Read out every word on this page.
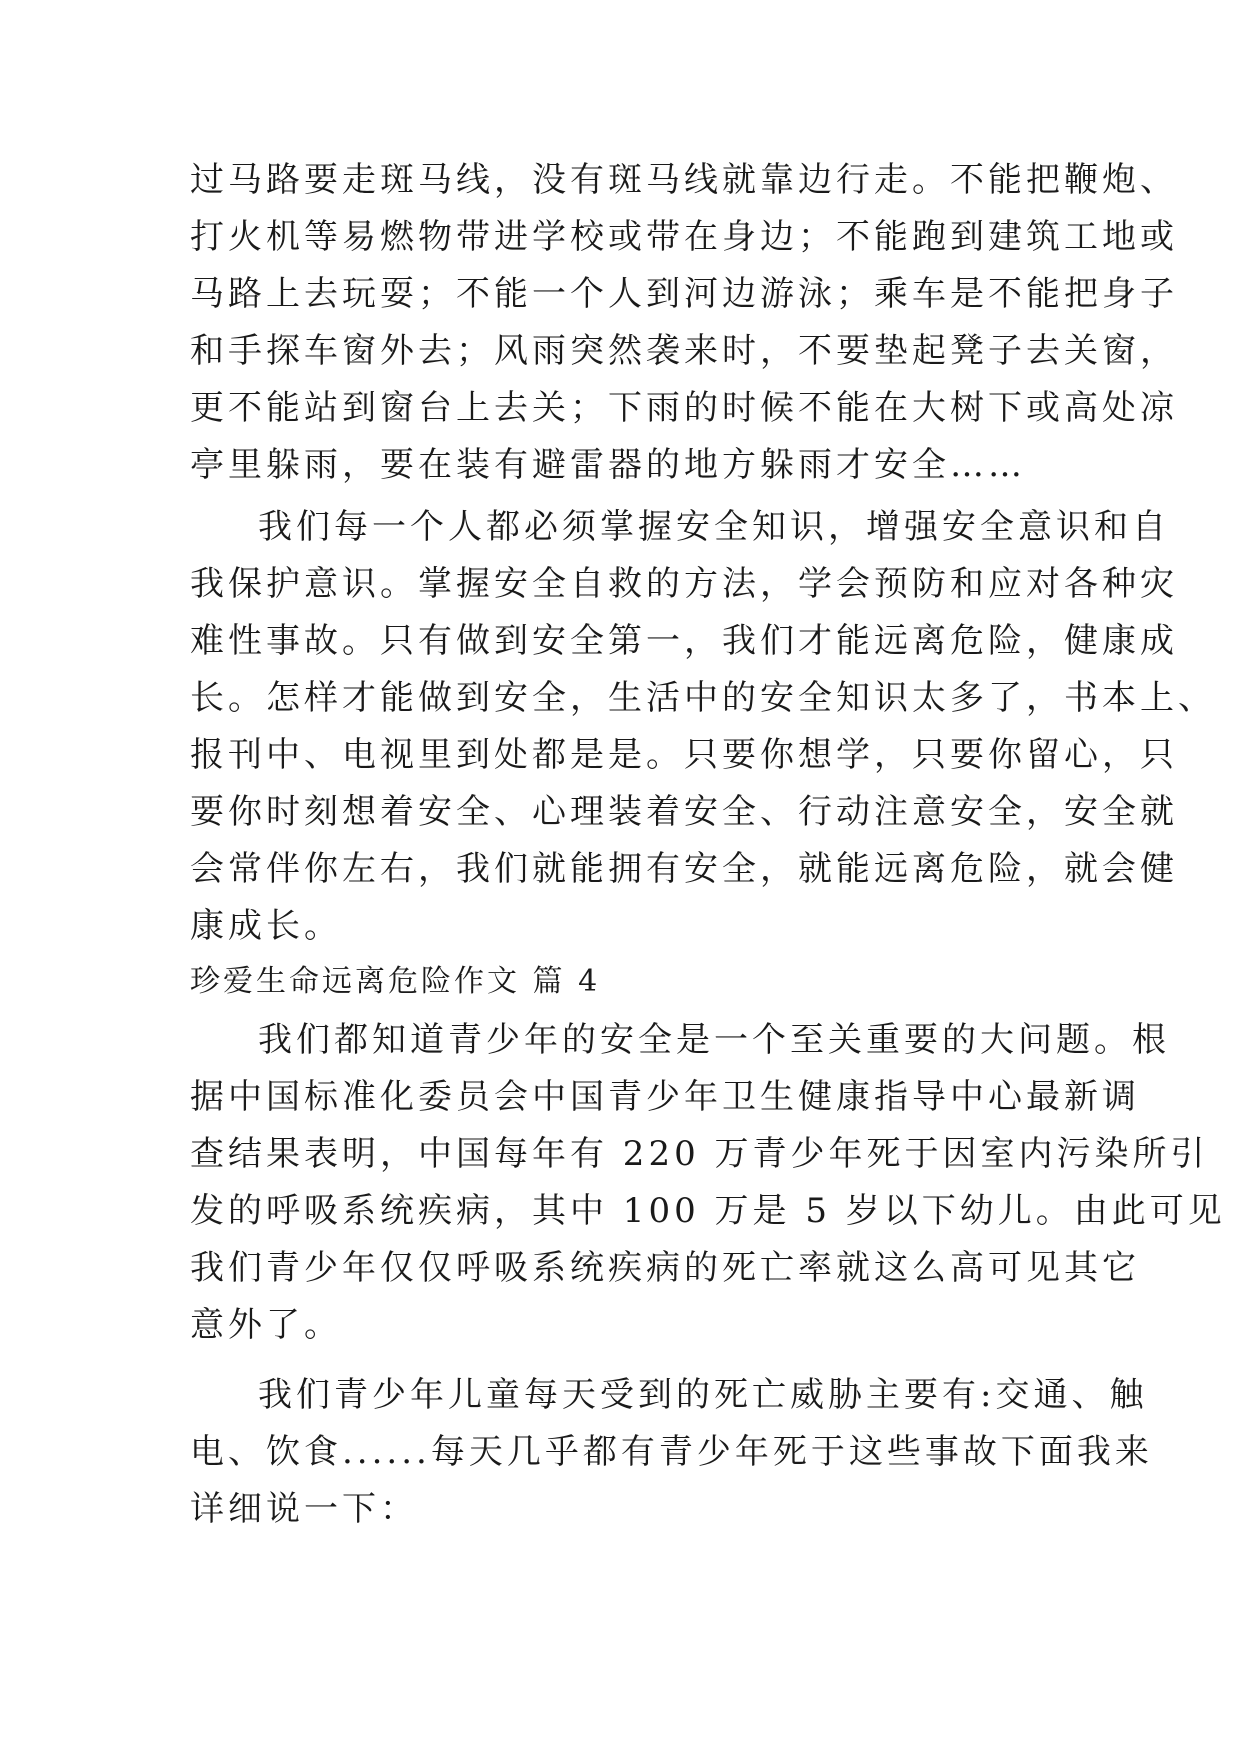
过马路要走斑马线，没有斑马线就靠边行走。不能把鞭炮、
打火机等易燃物带进学校或带在身边；不能跑到建筑工地或
马路上去玩耍；不能一个人到河边游泳；乘车是不能把身子
和手探车窗外去；风雨突然袭来时，不要垫起凳子去关窗，
更不能站到窗台上去关；下雨的时候不能在大树下或高处凉
亭里躲雨，要在装有避雷器的地方躲雨才安全……
我们每一个人都必须掌握安全知识，增强安全意识和自
我保护意识。掌握安全自救的方法，学会预防和应对各种灾
难性事故。只有做到安全第一，我们才能远离危险，健康成
长。怎样才能做到安全，生活中的安全知识太多了，书本上、
报刊中、电视里到处都是是。只要你想学，只要你留心，只
要你时刻想着安全、心理装着安全、行动注意安全，安全就
会常伴你左右，我们就能拥有安全，就能远离危险，就会健
康成长。
珍爱生命远离危险作文 篇 4
我们都知道青少年的安全是一个至关重要的大问题。根
据中国标准化委员会中国青少年卫生健康指导中心最新调
查结果表明，中国每年有 220 万青少年死于因室内污染所引
发的呼吸系统疾病，其中 100 万是 5 岁以下幼儿。由此可见
我们青少年仅仅呼吸系统疾病的死亡率就这么高可见其它
意外了。
我们青少年儿童每天受到的死亡威胁主要有:交通、触
电、饮食......每天几乎都有青少年死于这些事故下面我来
详细说一下：
